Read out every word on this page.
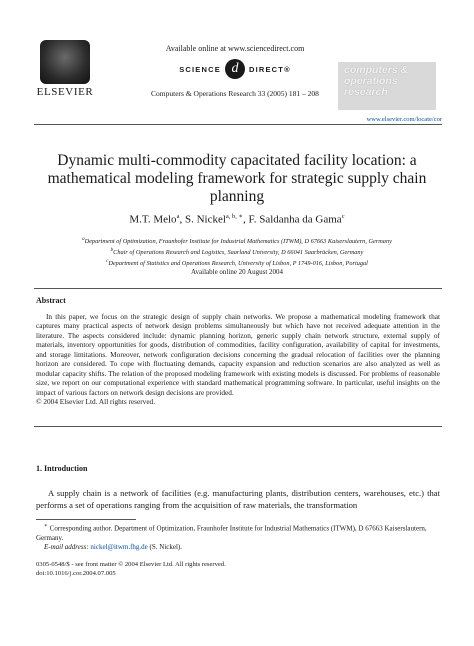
ELSEVIER
Available online at www.sciencedirect.com
SCIENCE d	DIRECT®
Computers & Operations Research 33 (2005) 181 – 208
computers &
operations
research
www.elsevier.com/locate/cor
Dynamic multi-commodity capacitated facility location: a mathematical modeling framework for strategic supply chain planning
M.T. Melo$^a$, S. Nickel$^{a, b, ∗}$, F. Saldanha da Gama$^c$
$^a$Department of Optimization, Fraunhofer Institute for Industrial Mathematics (ITWM), D 67663 Kaiserslautern, Germany
$^b$Chair of Operations Research and Logistics, Saarland University, D 66041 Saarbrücken, Germany
$^c$Department of Statistics and Operations Research, University of Lisbon, P 1749-016, Lisbon, Portugal
Available online 20 August 2004
Abstract

In this paper, we focus on the strategic design of supply chain networks. We propose a mathematical modeling framework that captures many practical aspects of network design problems simultaneously but which have not received adequate attention in the literature. The aspects considered include: dynamic planning horizon, generic supply chain network structure, external supply of materials, inventory opportunities for goods, distribution of commodities, facility configuration, availability of capital for investments, and storage limitations. Moreover, network configuration decisions concerning the gradual relocation of facilities over the planning horizon are considered. To cope with fluctuating demands, capacity expansion and reduction scenarios are also analyzed as well as modular capacity shifts. The relation of the proposed modeling framework with existing models is discussed. For problems of reasonable size, we report on our computational experience with standard mathematical programming software. In particular, useful insights on the impact of various factors on network design decisions are provided.

© 2004 Elsevier Ltd. All rights reserved.
1. Introduction

A supply chain is a network of facilities (e.g. manufacturing plants, distribution centers, warehouses, etc.) that performs a set of operations ranging from the acquisition of raw materials, the transformation

∗ Corresponding author. Department of Optimization, Fraunhofer Institute for Industrial Mathematics (ITWM), D 67663 Kaiserslautern, Germany.

E-mail address: nickel@itwm.fhg.de (S. Nickel).

0305-0548/$ - see front matter © 2004 Elsevier Ltd. All rights reserved.
doi:10.1016/j.cor.2004.07.005
